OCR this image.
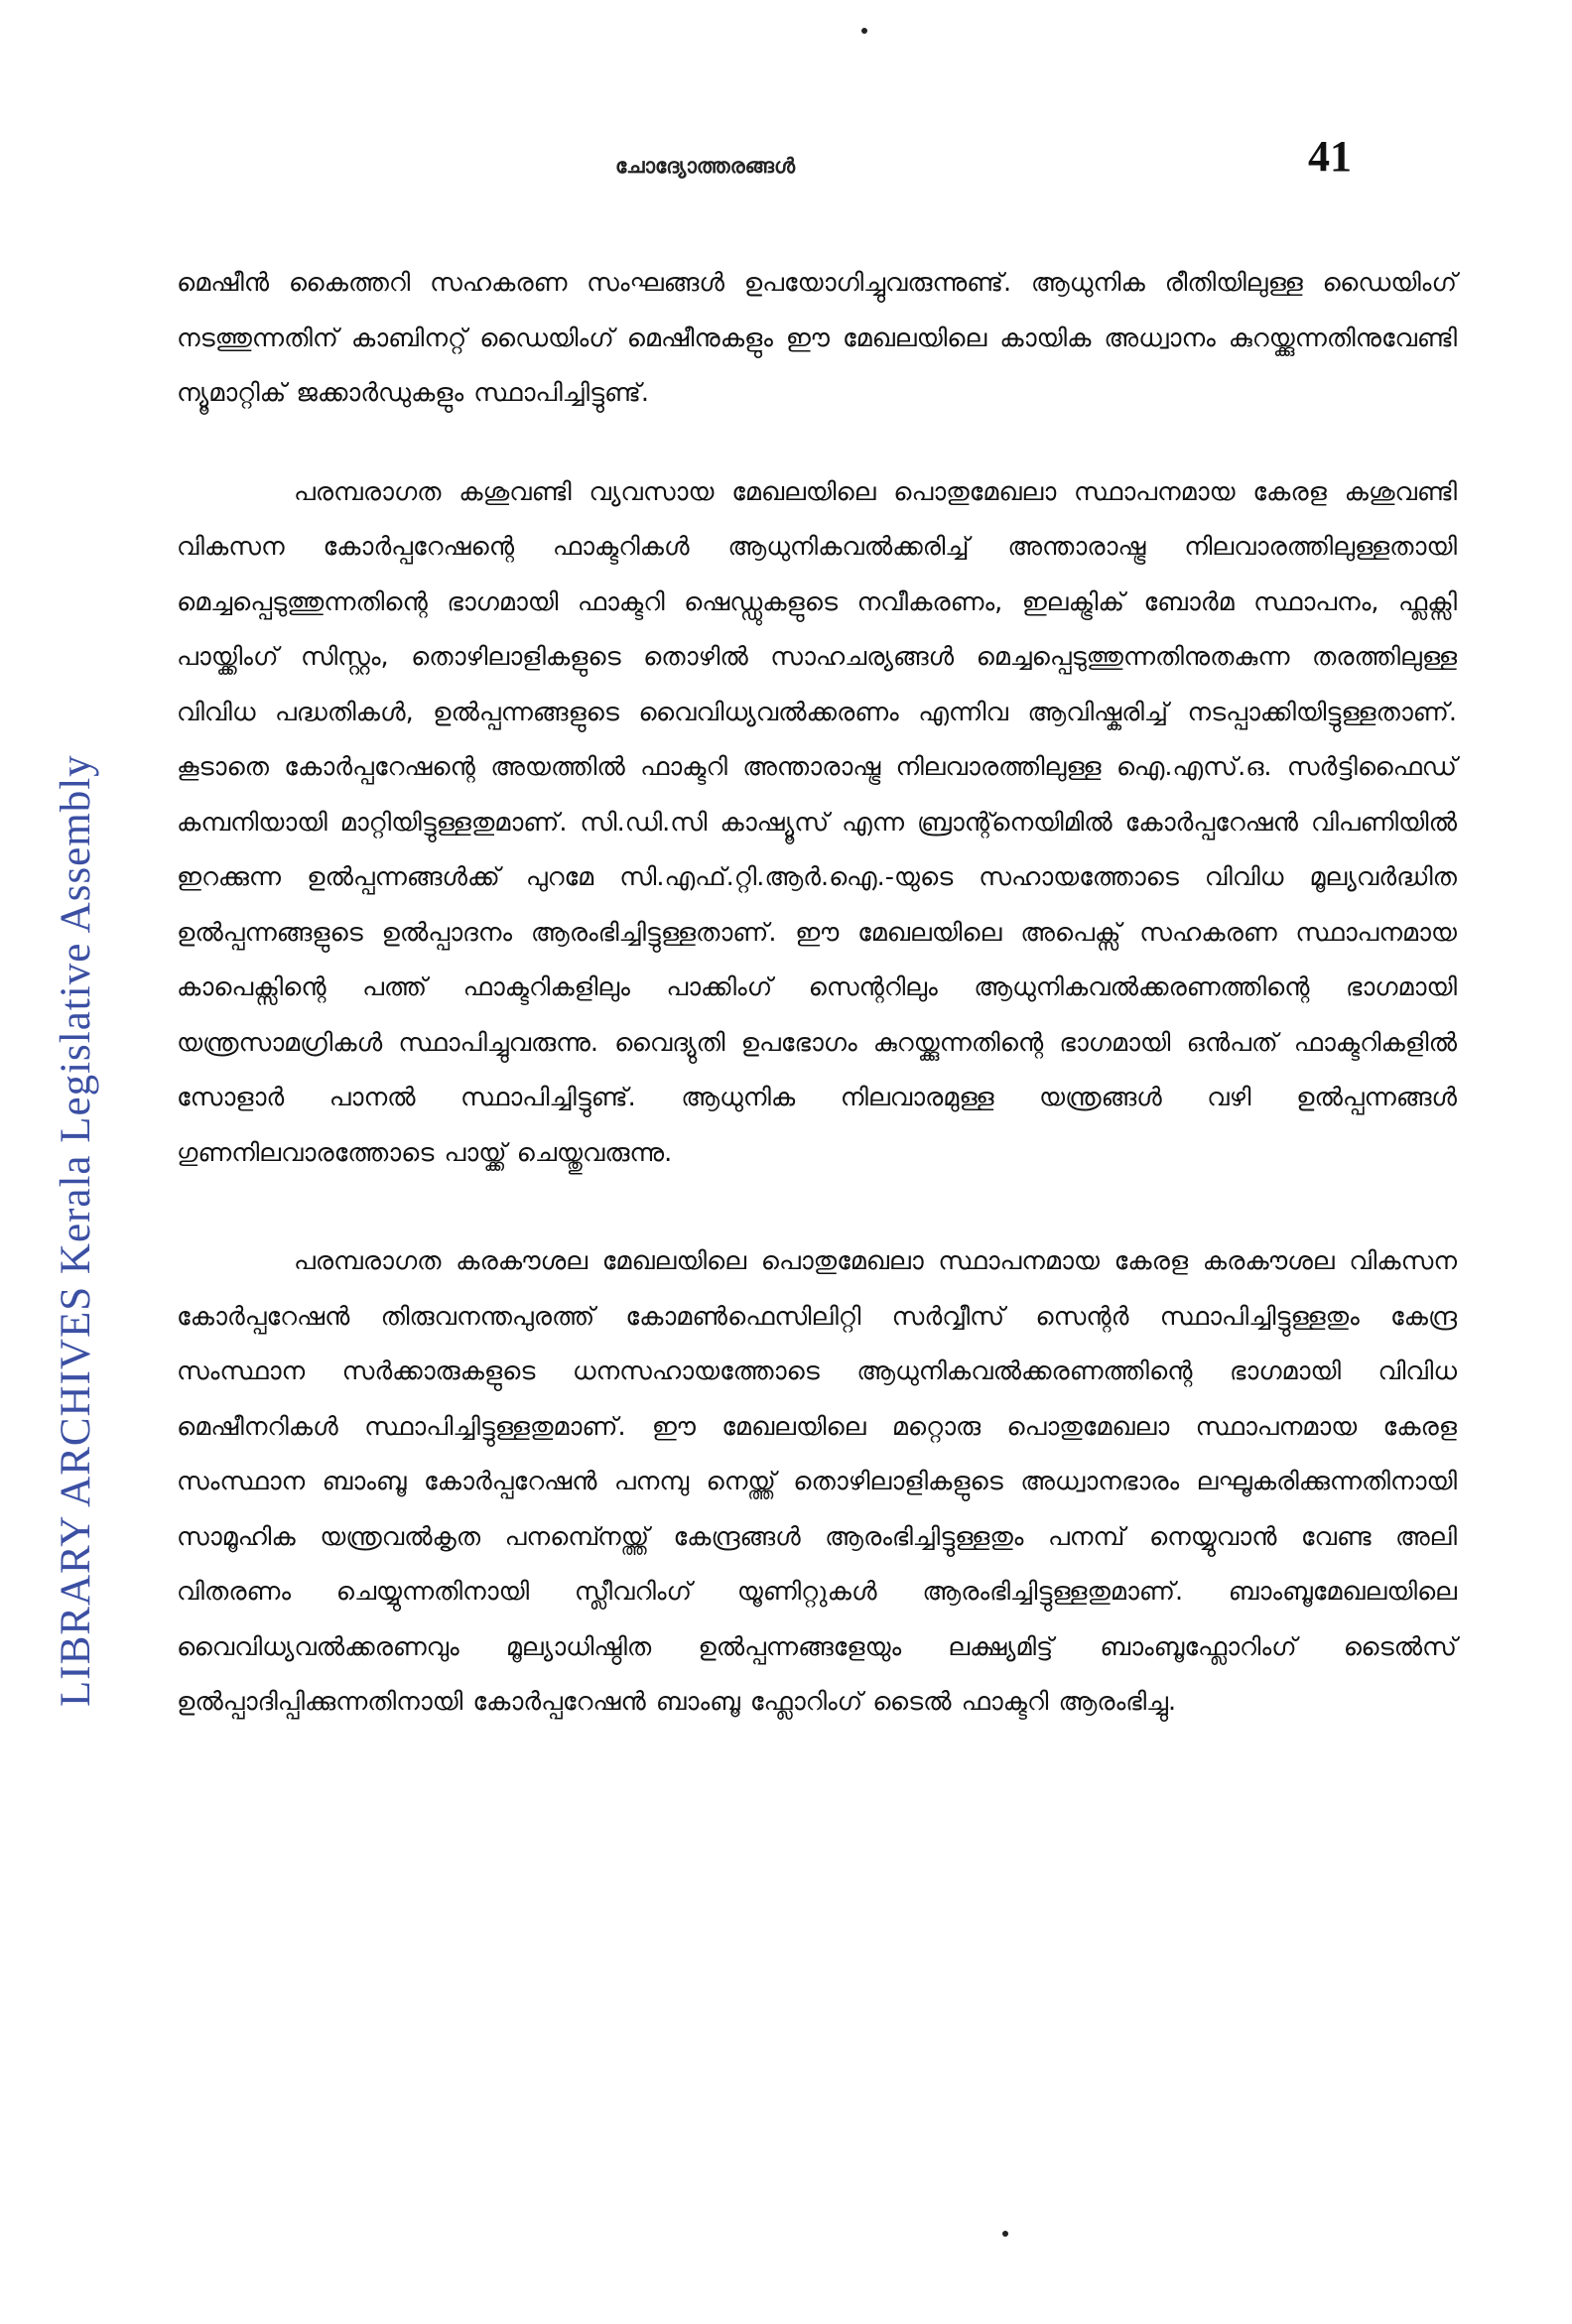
LIBRARY ARCHIVES Kerala Legislative Assembly
ചോദ്യോത്തരങ്ങൾ	41

മെഷീൻ കൈത്തറി സഹകരണ സംഘങ്ങൾ ഉപയോഗിച്ചുവരുന്നുണ്ട്. ആധുനിക രീതിയിലുള്ള ഡൈയിംഗ് നടത്തുന്നതിന് കാബിനറ്റ് ഡൈയിംഗ് മെഷീനുകളും ഈ മേഖലയിലെ കായിക അധ്വാനം കുറയ്ക്കുന്നതിനുവേണ്ടി ന്യൂമാറ്റിക് ജക്കാർഡുകളും സ്ഥാപിച്ചിട്ടുണ്ട്.

പരമ്പരാഗത കശുവണ്ടി വ്യവസായ മേഖലയിലെ പൊതുമേഖലാ സ്ഥാപനമായ കേരള കശുവണ്ടി വികസന കോർപ്പറേഷന്റെ ഫാക്ടറികൾ ആധുനികവൽക്കരിച്ച് അന്താരാഷ്ട്ര നിലവാരത്തിലുള്ളതായി മെച്ചപ്പെടുത്തുന്നതിന്റെ ഭാഗമായി ഫാക്ടറി ഷെഡ്ഡുകളുടെ നവീകരണം, ഇലക്ട്രിക് ബോർമ സ്ഥാപനം, ഫ്ലക്സി പായ്ക്കിംഗ് സിസ്റ്റം, തൊഴിലാളികളുടെ തൊഴിൽ സാഹചര്യങ്ങൾ മെച്ചപ്പെടുത്തുന്നതിനുതകുന്ന തരത്തിലുള്ള വിവിധ പദ്ധതികൾ, ഉൽപ്പന്നങ്ങളുടെ വൈവിധ്യവൽക്കരണം എന്നിവ ആവിഷ്കരിച്ച് നടപ്പാക്കിയിട്ടുള്ളതാണ്. കൂടാതെ കോർപ്പറേഷന്റെ അയത്തിൽ ഫാക്ടറി അന്താരാഷ്ട്ര നിലവാരത്തിലുള്ള ഐ.എസ്.ഒ. സർട്ടിഫൈഡ് കമ്പനിയായി മാറ്റിയിട്ടുള്ളതുമാണ്. സി.ഡി.സി കാഷ്യൂസ് എന്ന ബ്രാന്റ്നെയിമിൽ കോർപ്പറേഷൻ വിപണിയിൽ ഇറക്കുന്ന ഉൽപ്പന്നങ്ങൾക്ക് പുറമേ സി.എഫ്.റ്റി.ആർ.ഐ.-യുടെ സഹായത്തോടെ വിവിധ മൂല്യവർദ്ധിത ഉൽപ്പന്നങ്ങളുടെ ഉൽപ്പാദനം ആരംഭിച്ചിട്ടുള്ളതാണ്. ഈ മേഖലയിലെ അപെക്സ് സഹകരണ സ്ഥാപനമായ കാപെക്സിന്റെ പത്ത് ഫാക്ടറികളിലും പാക്കിംഗ് സെന്ററിലും ആധുനികവൽക്കരണത്തിന്റെ ഭാഗമായി യന്ത്രസാമഗ്രികൾ സ്ഥാപിച്ചുവരുന്നു. വൈദ്യുതി ഉപഭോഗം കുറയ്ക്കുന്നതിന്റെ ഭാഗമായി ഒൻപത് ഫാക്ടറികളിൽ സോളാർ പാനൽ സ്ഥാപിച്ചിട്ടുണ്ട്. ആധുനിക നിലവാരമുള്ള യന്ത്രങ്ങൾ വഴി ഉൽപ്പന്നങ്ങൾ ഗുണനിലവാരത്തോടെ പായ്ക്ക് ചെയ്തുവരുന്നു.

പരമ്പരാഗത കരകൗശല മേഖലയിലെ പൊതുമേഖലാ സ്ഥാപനമായ കേരള കരകൗശല വികസന കോർപ്പറേഷൻ തിരുവനന്തപുരത്ത് കോമൺഫെസിലിറ്റി സർവ്വീസ് സെന്റർ സ്ഥാപിച്ചിട്ടുള്ളതും കേന്ദ്ര സംസ്ഥാന സർക്കാരുകളുടെ ധനസഹായത്തോടെ ആധുനികവൽക്കരണത്തിന്റെ ഭാഗമായി വിവിധ മെഷീനറികൾ സ്ഥാപിച്ചിട്ടുള്ളതുമാണ്. ഈ മേഖലയിലെ മറ്റൊരു പൊതുമേഖലാ സ്ഥാപനമായ കേരള സംസ്ഥാന ബാംബൂ കോർപ്പറേഷൻ പനമ്പു നെയ്ത്ത് തൊഴിലാളികളുടെ അധ്വാനഭാരം ലഘൂകരിക്കുന്നതിനായി സാമൂഹിക യന്ത്രവൽകൃത പനമ്പ്നെയ്ത്ത് കേന്ദ്രങ്ങൾ ആരംഭിച്ചിട്ടുള്ളതും പനമ്പ് നെയ്യുവാൻ വേണ്ട അലി വിതരണം ചെയ്യുന്നതിനായി സ്ലീവറിംഗ് യൂണിറ്റുകൾ ആരംഭിച്ചിട്ടുള്ളതുമാണ്. ബാംബൂമേഖലയിലെ വൈവിധ്യവൽക്കരണവും മൂല്യാധിഷ്ഠിത ഉൽപ്പന്നങ്ങളേയും ലക്ഷ്യമിട്ട് ബാംബൂഫ്ലോറിംഗ് ടൈൽസ് ഉൽപ്പാദിപ്പിക്കുന്നതിനായി കോർപ്പറേഷൻ ബാംബൂ ഫ്ലോറിംഗ് ടൈൽ ഫാക്ടറി ആരംഭിച്ചു.
